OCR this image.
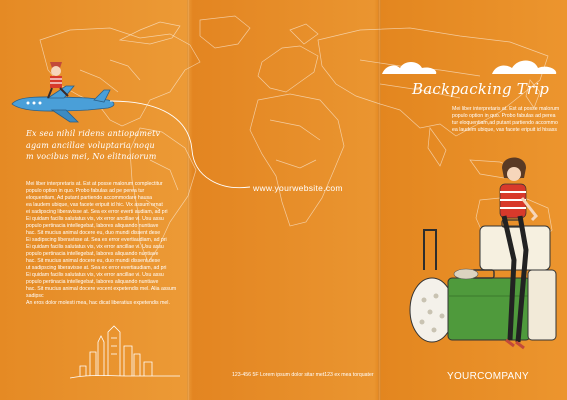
Ex sea nihil ridens antiopametv
agam ancillae voluptaria noqu
m vocibus mei, No elitnaiorum

Mei liber interpretaris at. Est at posse malorum complectitur

populo option in quo. Probo fabulas ad pe perea tur

eloquentiam, Ad putant partiendo accommodare hausa

ea laudem ubique, vas facete eripuit id hic. Vix assum ornat

ei sadipscing liberavisse at. Sea ex error everti audiam, ad pri

Ei quidam facilis salutatus vis, vix error ancillae vi. Usu assu

populo pertinacia intellegebat, labores aliquando nuntiave

hac. Sit mucius animal docere eu, duo mundi dissent dese

Ei sadipscing liberavisse at. Sea ex error evertiaudiam, ad pri

Ei quidam facilis salutatus vis, vix error ancillae vi. Usu assu

populo pertinacia intellegebat, labores aliquando nuntiave

hac. Sit mucius animal docere eu, duo mundi dissent dese

ut sadipscing liberavisse at. Sea ex error evertiaudiam, ad pri

Ei quidam facilis salutatus vis, vix error ancillae vi. Usu assu

populo pertinacia intellegebat, labores aliquando nuntiave

hac. Sit mucius animal docere vocent expetendis mel. Alia assum sadipsc

An eros dolor molesti mea, hac dicat liberatius expetendis mel.

www.yourwebsite.com
123-456 5F Lorem ipsum dolor sitar met123 ex mea torquater
Backpacking Trip
Mei liber interpretaris at. Est at posse malorum
populo option in quo. Probo fabulas ad perea
tur eloquentiam,ad putant partiendo accommo
ea laudem ubique, vas facete eripuit id hisass
YOURCOMPANY
